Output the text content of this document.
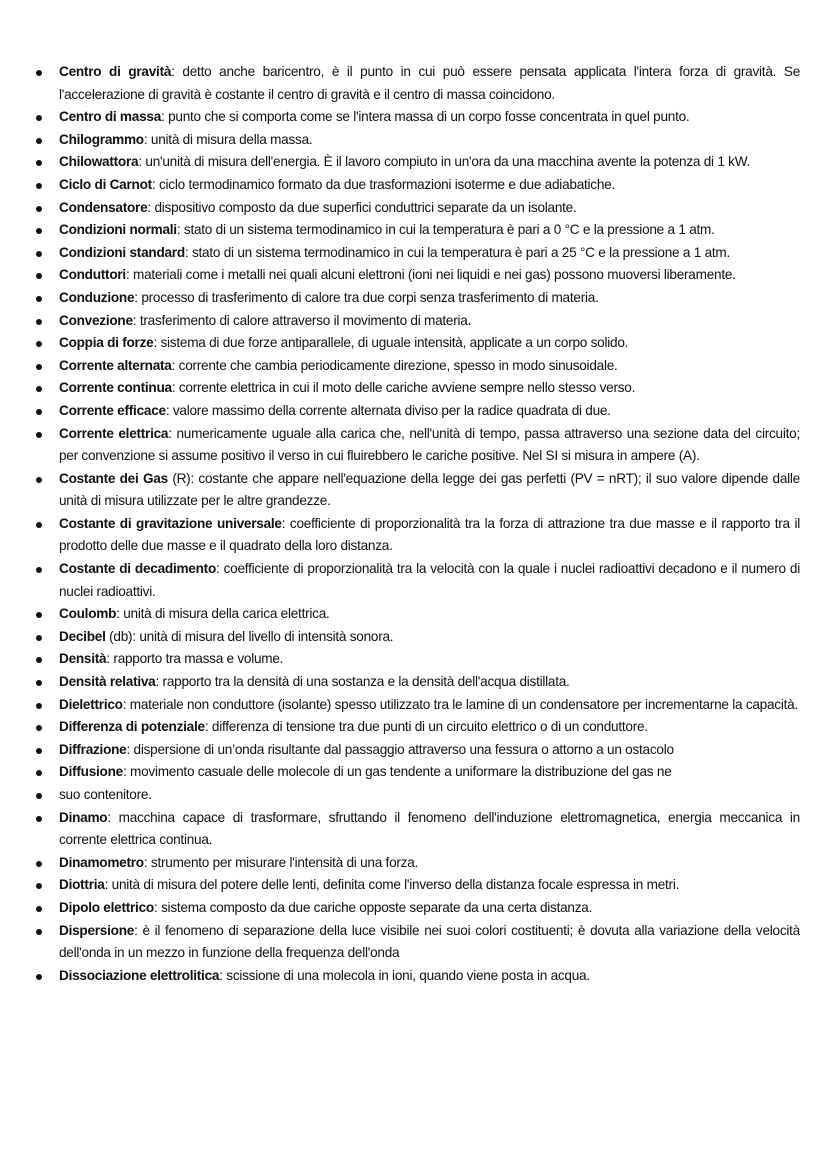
Centro di gravità: detto anche baricentro, è il punto in cui può essere pensata applicata l'intera forza di gravità. Se l'accelerazione di gravità è costante il centro di gravità e il centro di massa coincidono.
Centro di massa: punto che si comporta come se l'intera massa di un corpo fosse concentrata in quel punto.
Chilogrammo: unità di misura della massa.
Chilowattora: un'unità di misura dell'energia. È il lavoro compiuto in un'ora da una macchina avente la potenza di 1 kW.
Ciclo di Carnot: ciclo termodinamico formato da due trasformazioni isoterme e due adiabatiche.
Condensatore: dispositivo composto da due superfici conduttrici separate da un isolante.
Condizioni normali: stato di un sistema termodinamico in cui la temperatura è pari a 0 °C e la pressione a 1 atm.
Condizioni standard: stato di un sistema termodinamico in cui la temperatura è pari a 25 °C e la pressione a 1 atm.
Conduttori: materiali come i metalli nei quali alcuni elettroni (ioni nei liquidi e nei gas) possono muoversi liberamente.
Conduzione: processo di trasferimento di calore tra due corpi senza trasferimento di materia.
Convezione: trasferimento di calore attraverso il movimento di materia.
Coppia di forze: sistema di due forze antiparallele, di uguale intensità, applicate a un corpo solido.
Corrente alternata: corrente che cambia periodicamente direzione, spesso in modo sinusoidale.
Corrente continua: corrente elettrica in cui il moto delle cariche avviene sempre nello stesso verso.
Corrente efficace: valore massimo della corrente alternata diviso per la radice quadrata di due.
Corrente elettrica: numericamente uguale alla carica che, nell'unità di tempo, passa attraverso una sezione data del circuito; per convenzione si assume positivo il verso in cui fluirebbero le cariche positive. Nel SI si misura in ampere (A).
Costante dei Gas (R): costante che appare nell'equazione della legge dei gas perfetti (PV = nRT); il suo valore dipende dalle unità di misura utilizzate per le altre grandezze.
Costante di gravitazione universale: coefficiente di proporzionalità tra la forza di attrazione tra due masse e il rapporto tra il prodotto delle due masse e il quadrato della loro distanza.
Costante di decadimento: coefficiente di proporzionalità tra la velocità con la quale i nuclei radioattivi decadono e il numero di nuclei radioattivi.
Coulomb: unità di misura della carica elettrica.
Decibel (db): unità di misura del livello di intensità sonora.
Densità: rapporto tra massa e volume.
Densità relativa: rapporto tra la densità di una sostanza e la densità dell'acqua distillata.
Dielettrico: materiale non conduttore (isolante) spesso utilizzato tra le lamine di un condensatore per incrementarne la capacità.
Differenza di potenziale: differenza di tensione tra due punti di un circuito elettrico o di un conduttore.
Diffrazione: dispersione di un’onda risultante dal passaggio attraverso una fessura o attorno a un ostacolo
Diffusione: movimento casuale delle molecole di un gas tendente a uniformare la distribuzione del gas ne
suo contenitore.
Dinamo: macchina capace di trasformare, sfruttando il fenomeno dell'induzione elettromagnetica, energia meccanica in corrente elettrica continua.
Dinamometro: strumento per misurare l'intensità di una forza.
Diottria: unità di misura del potere delle lenti, definita come l'inverso della distanza focale espressa in metri.
Dipolo elettrico: sistema composto da due cariche opposte separate da una certa distanza.
Dispersione: è il fenomeno di separazione della luce visibile nei suoi colori costituenti; è dovuta alla variazione della velocità dell'onda in un mezzo in funzione della frequenza dell'onda
Dissociazione elettrolitica: scissione di una molecola in ioni, quando viene posta in acqua.
